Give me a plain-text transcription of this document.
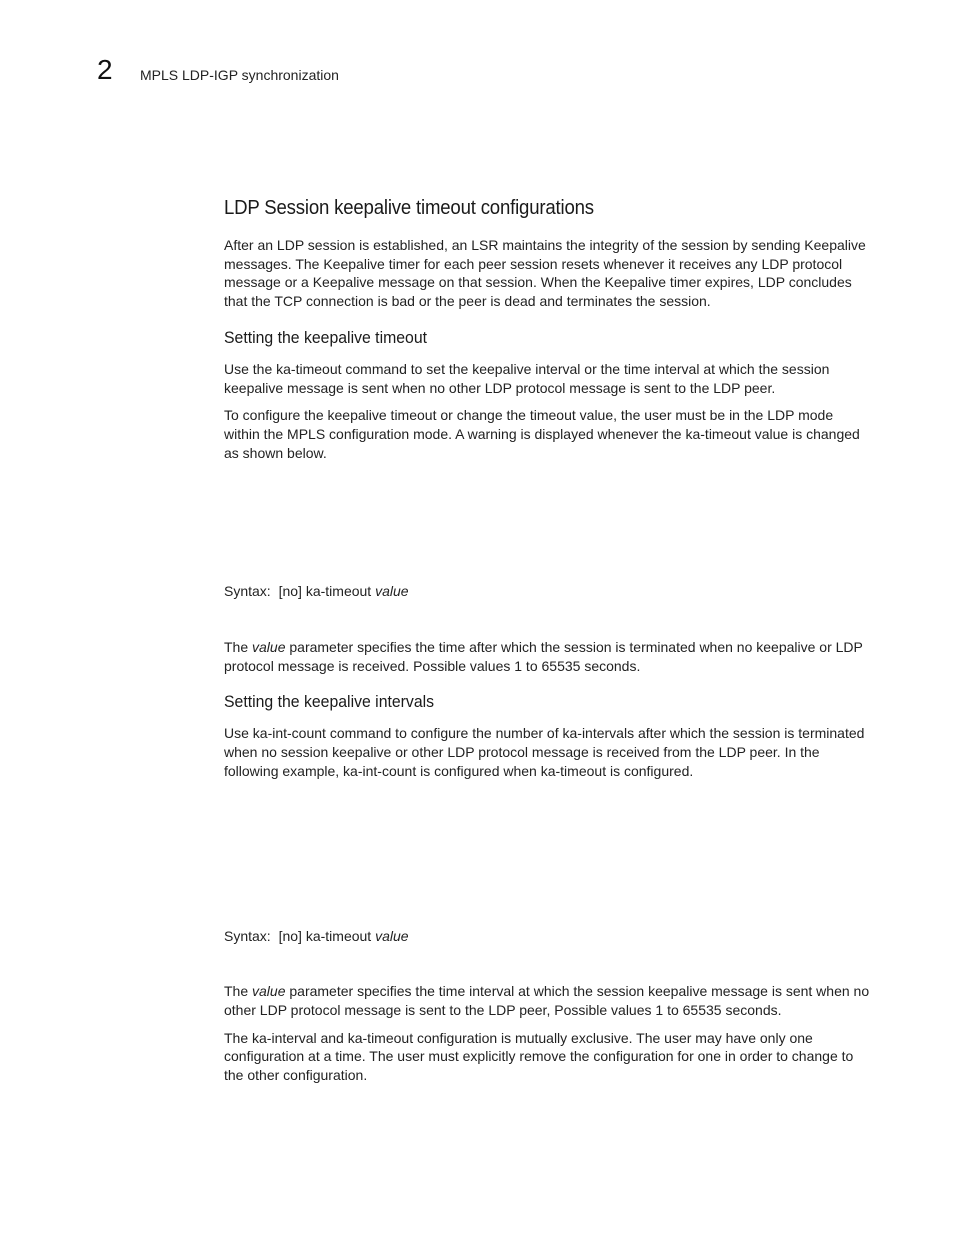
2 MPLS LDP-IGP synchronization
LDP Session keepalive timeout configurations

After an LDP session is established, an LSR maintains the integrity of the session by sending Keepalive messages. The Keepalive timer for each peer session resets whenever it receives any LDP protocol message or a Keepalive message on that session. When the Keepalive timer expires, LDP concludes that the TCP connection is bad or the peer is dead and terminates the session.

Setting the keepalive timeout

Use the ka-timeout command to set the keepalive interval or the time interval at which the session keepalive message is sent when no other LDP protocol message is sent to the LDP peer.

To configure the keepalive timeout or change the timeout value, the user must be in the LDP mode within the MPLS configuration mode. A warning is displayed whenever the ka-timeout value is changed as shown below.

Syntax: [no] ka-timeout value

The value parameter specifies the time after which the session is terminated when no keepalive or LDP protocol message is received. Possible values 1 to 65535 seconds.

Setting the keepalive intervals

Use ka-int-count command to configure the number of ka-intervals after which the session is terminated when no session keepalive or other LDP protocol message is received from the LDP peer. In the following example, ka-int-count is configured when ka-timeout is configured.

Syntax: [no] ka-timeout value

The value parameter specifies the time interval at which the session keepalive message is sent when no other LDP protocol message is sent to the LDP peer, Possible values 1 to 65535 seconds.

The ka-interval and ka-timeout configuration is mutually exclusive. The user may have only one configuration at a time. The user must explicitly remove the configuration for one in order to change to the other configuration.
